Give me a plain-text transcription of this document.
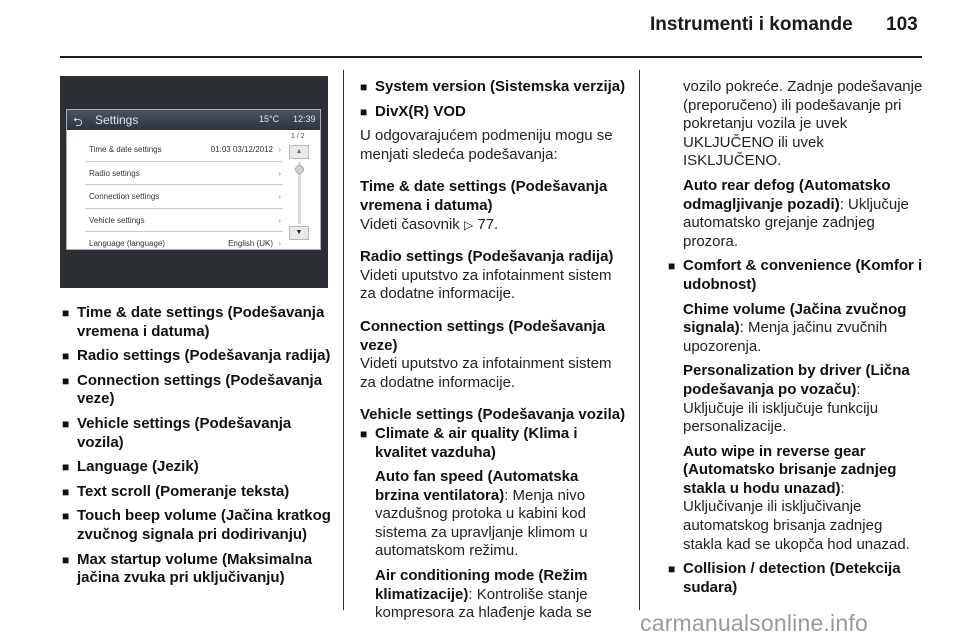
Instrumenti i komande 103
⮌ Settings	15°C 12:39
Time & date settings	01:03 03/12/2012 ›
Radio settings	›
Connection settings	›
Vehicle settings	›
Language (language)	English (UK) ›
1 / 2
▲
▼
■ Time & date settings (Podešavanja vremena i datuma)
■ Radio settings (Podešavanja radija)
■ Connection settings (Podešavanja veze)
■ Vehicle settings (Podešavanja vozila)
■ Language (Jezik)
■ Text scroll (Pomeranje teksta)
■ Touch beep volume (Jačina kratkog zvučnog signala pri dodirivanju)
■ Max startup volume (Maksimalna jačina zvuka pri uključivanju)
■ System version (Sistemska verzija)
■ DivX(R) VOD
U odgovarajućem podmeniju mogu se menjati sledeća podešavanja:
Time & date settings (Podešavanja vremena i datuma)
Videti časovnik ▷ 77.
Radio settings (Podešavanja radija)
Videti uputstvo za infotainment sistem za dodatne informacije.
Connection settings (Podešavanja veze)
Videti uputstvo za infotainment sistem za dodatne informacije.
Vehicle settings (Podešavanja vozila)
■ Climate & air quality (Klima i kvalitet vazduha)
Auto fan speed (Automatska brzina ventilatora): Menja nivo vazdušnog protoka u kabini kod sistema za upravljanje klimom u automatskom režimu.
Air conditioning mode (Režim klimatizacije): Kontroliše stanje kompresora za hlađenje kada se
vozilo pokreće. Zadnje podešavanje (preporučeno) ili podešavanje pri pokretanju vozila je uvek UKLJUČENO ili uvek ISKLJUČENO.
Auto rear defog (Automatsko odmagljivanje pozadi): Uključuje automatsko grejanje zadnjeg prozora.
■ Comfort & convenience (Komfor i udobnost)
Chime volume (Jačina zvučnog signala): Menja jačinu zvučnih upozorenja.
Personalization by driver (Lična podešavanja po vozaču): Uključuje ili isključuje funkciju personalizacije.
Auto wipe in reverse gear (Automatsko brisanje zadnjeg stakla u hodu unazad): Uključivanje ili isključivanje automatskog brisanja zadnjeg stakla kad se ukopča hod unazad.
■ Collision / detection (Detekcija sudara)
carmanualsonline.info
